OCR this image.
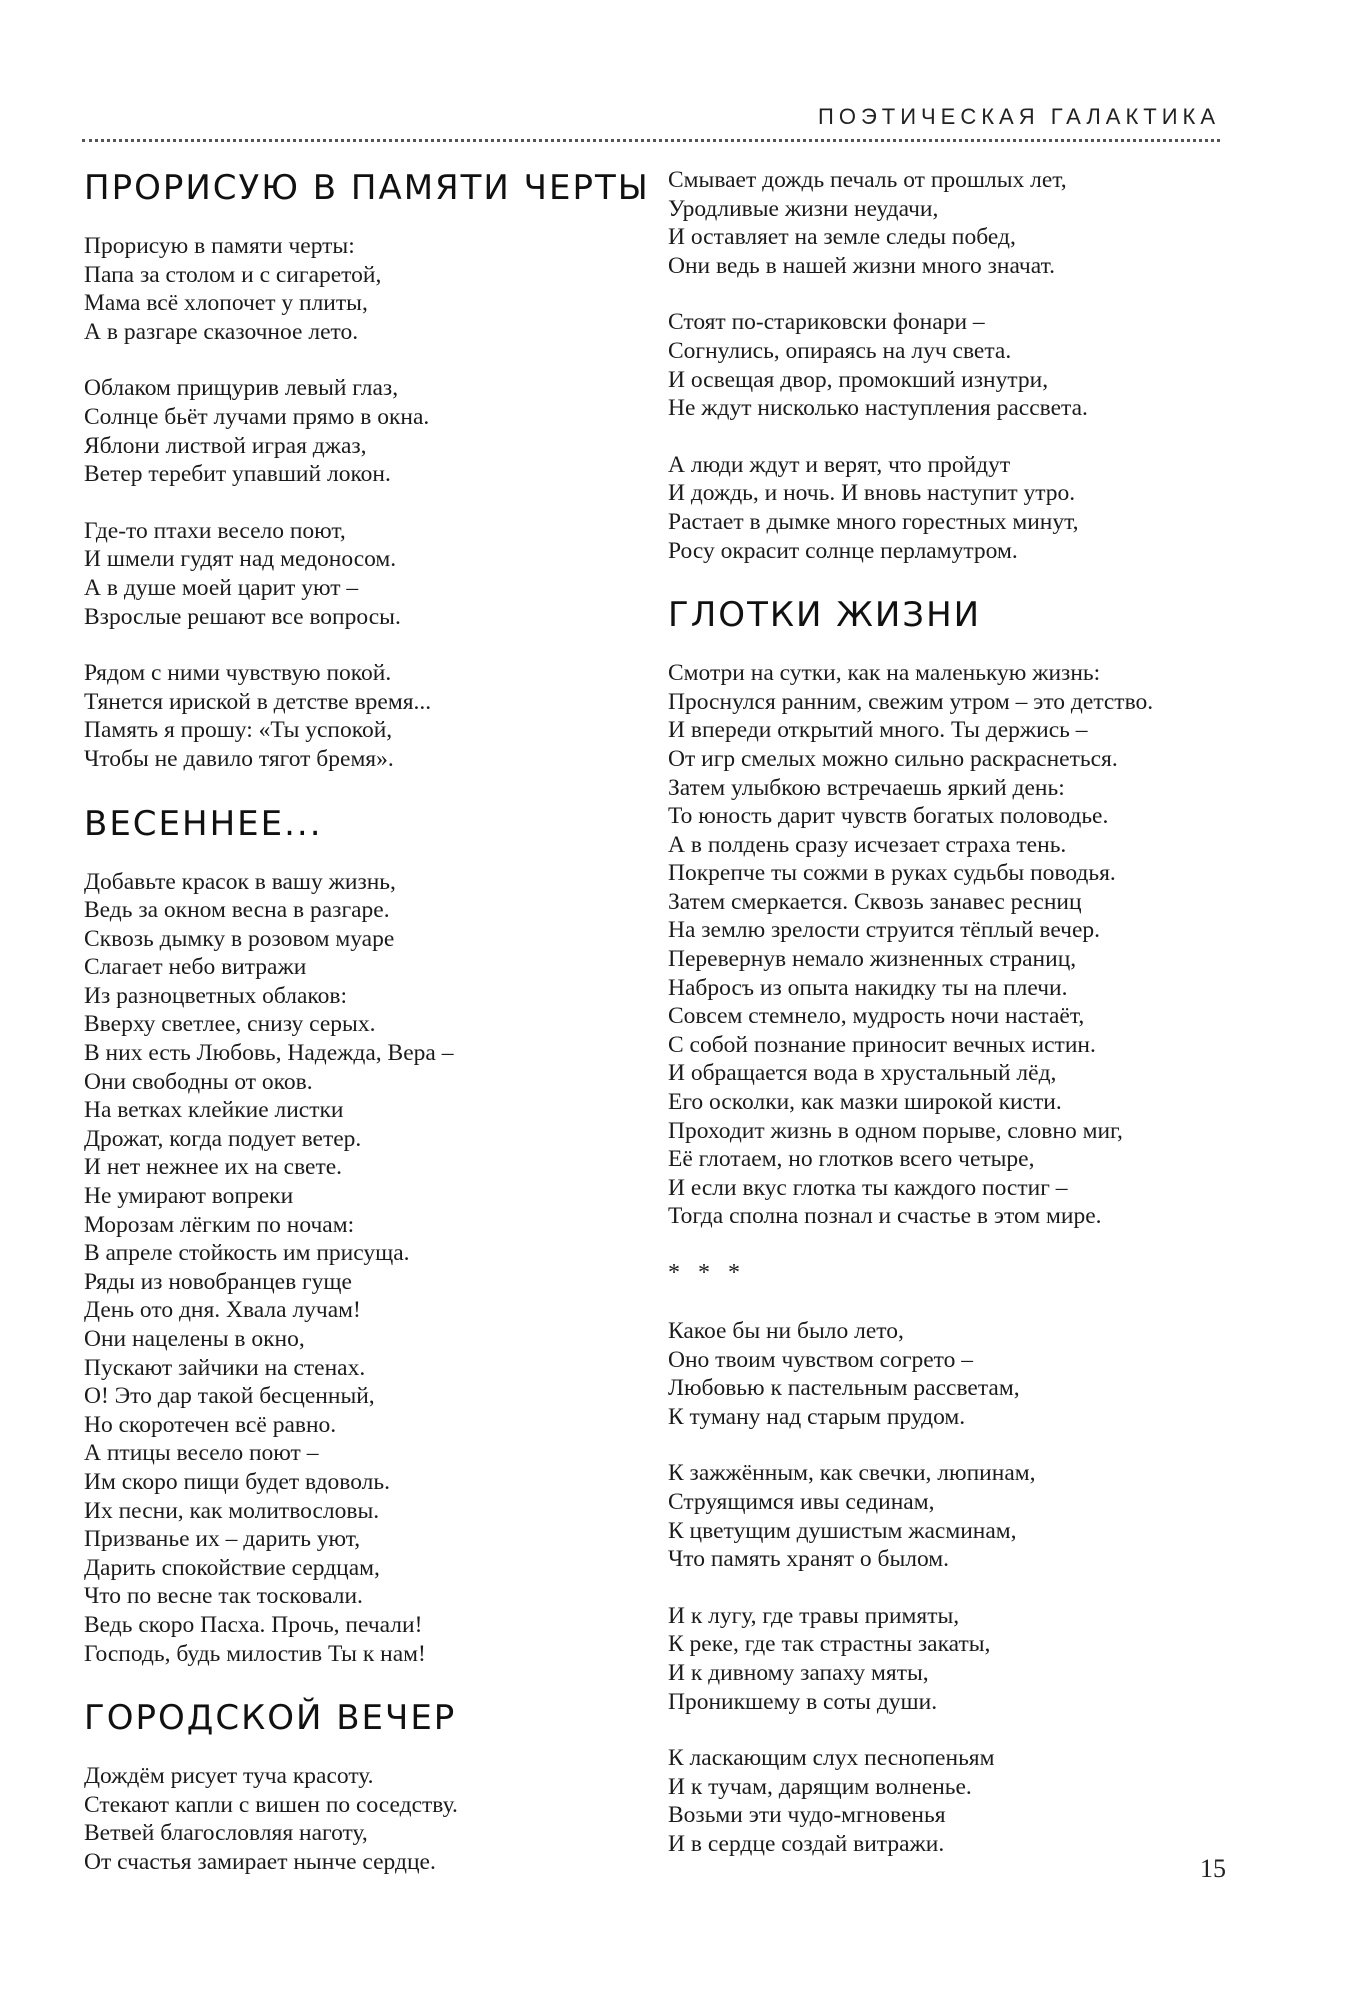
ПОЭТИЧЕСКАЯ ГАЛАКТИКА
ПРОРИСУЮ В ПАМЯТИ ЧЕРТЫ
Прорисую в памяти черты:
Папа за столом и с сигаретой,
Мама всё хлопочет у плиты,
А в разгаре сказочное лето.
Облаком прищурив левый глаз,
Солнце бьёт лучами прямо в окна.
Яблони листвой играя джаз,
Ветер теребит упавший локон.
Где-то птахи весело поют,
И шмели гудят над медоносом.
А в душе моей царит уют –
Взрослые решают все вопросы.
Рядом с ними чувствую покой.
Тянется ириской в детстве время...
Память я прошу: «Ты успокой,
Чтобы не давило тягот бремя».
ВЕСЕННЕЕ...
Добавьте красок в вашу жизнь,
Ведь за окном весна в разгаре.
Сквозь дымку в розовом муаре
Слагает небо витражи
Из разноцветных облаков:
Вверху светлее, снизу серых.
В них есть Любовь, Надежда, Вера –
Они свободны от оков.
На ветках клейкие листки
Дрожат, когда подует ветер.
И нет нежнее их на свете.
Не умирают вопреки
Морозам лёгким по ночам:
В апреле стойкость им присуща.
Ряды из новобранцев гуще
День ото дня. Хвала лучам!
Они нацелены в окно,
Пускают зайчики на стенах.
О! Это дар такой бесценный,
Но скоротечен всё равно.
А птицы весело поют –
Им скоро пищи будет вдоволь.
Их песни, как молитвословы.
Призванье их – дарить уют,
Дарить спокойствие сердцам,
Что по весне так тосковали.
Ведь скоро Пасха. Прочь, печали!
Господь, будь милостив Ты к нам!
ГОРОДСКОЙ ВЕЧЕР
Дождём рисует туча красоту.
Стекают капли с вишен по соседству.
Ветвей благословляя наготу,
От счастья замирает нынче сердце.
Смывает дождь печаль от прошлых лет,
Уродливые жизни неудачи,
И оставляет на земле следы побед,
Они ведь в нашей жизни много значат.
Стоят по-стариковски фонари –
Согнулись, опираясь на луч света.
И освещая двор, промокший изнутри,
Не ждут нисколько наступления рассвета.
А люди ждут и верят, что пройдут
И дождь, и ночь. И вновь наступит утро.
Растает в дымке много горестных минут,
Росу окрасит солнце перламутром.
ГЛОТКИ ЖИЗНИ
Смотри на сутки, как на маленькую жизнь:
Проснулся ранним, свежим утром – это детство.
И впереди открытий много. Ты держись –
От игр смелых можно сильно раскраснеться.
Затем улыбкою встречаешь яркий день:
То юность дарит чувств богатых половодье.
А в полдень сразу исчезает страха тень.
Покрепче ты сожми в руках судьбы поводья.
Затем смеркается. Сквозь занавес ресниц
На землю зрелости струится тёплый вечер.
Перевернув немало жизненных страниц,
Набросъ из опыта накидку ты на плечи.
Совсем стемнело, мудрость ночи настаёт,
С собой познание приносит вечных истин.
И обращается вода в хрустальный лёд,
Его осколки, как мазки широкой кисти.
Проходит жизнь в одном порыве, словно миг,
Её глотаем, но глотков всего четыре,
И если вкус глотка ты каждого постиг –
Тогда сполна познал и счастье в этом мире.
* * *
Какое бы ни было лето,
Оно твоим чувством согрето –
Любовью к пастельным рассветам,
К туману над старым прудом.
К зажжённым, как свечки, люпинам,
Струящимся ивы сединам,
К цветущим душистым жасминам,
Что память хранят о былом.
И к лугу, где травы примяты,
К реке, где так страстны закаты,
И к дивному запаху мяты,
Проникшему в соты души.
К ласкающим слух песнопеньям
И к тучам, дарящим волненье.
Возьми эти чудо-мгновенья
И в сердце создай витражи.
15
